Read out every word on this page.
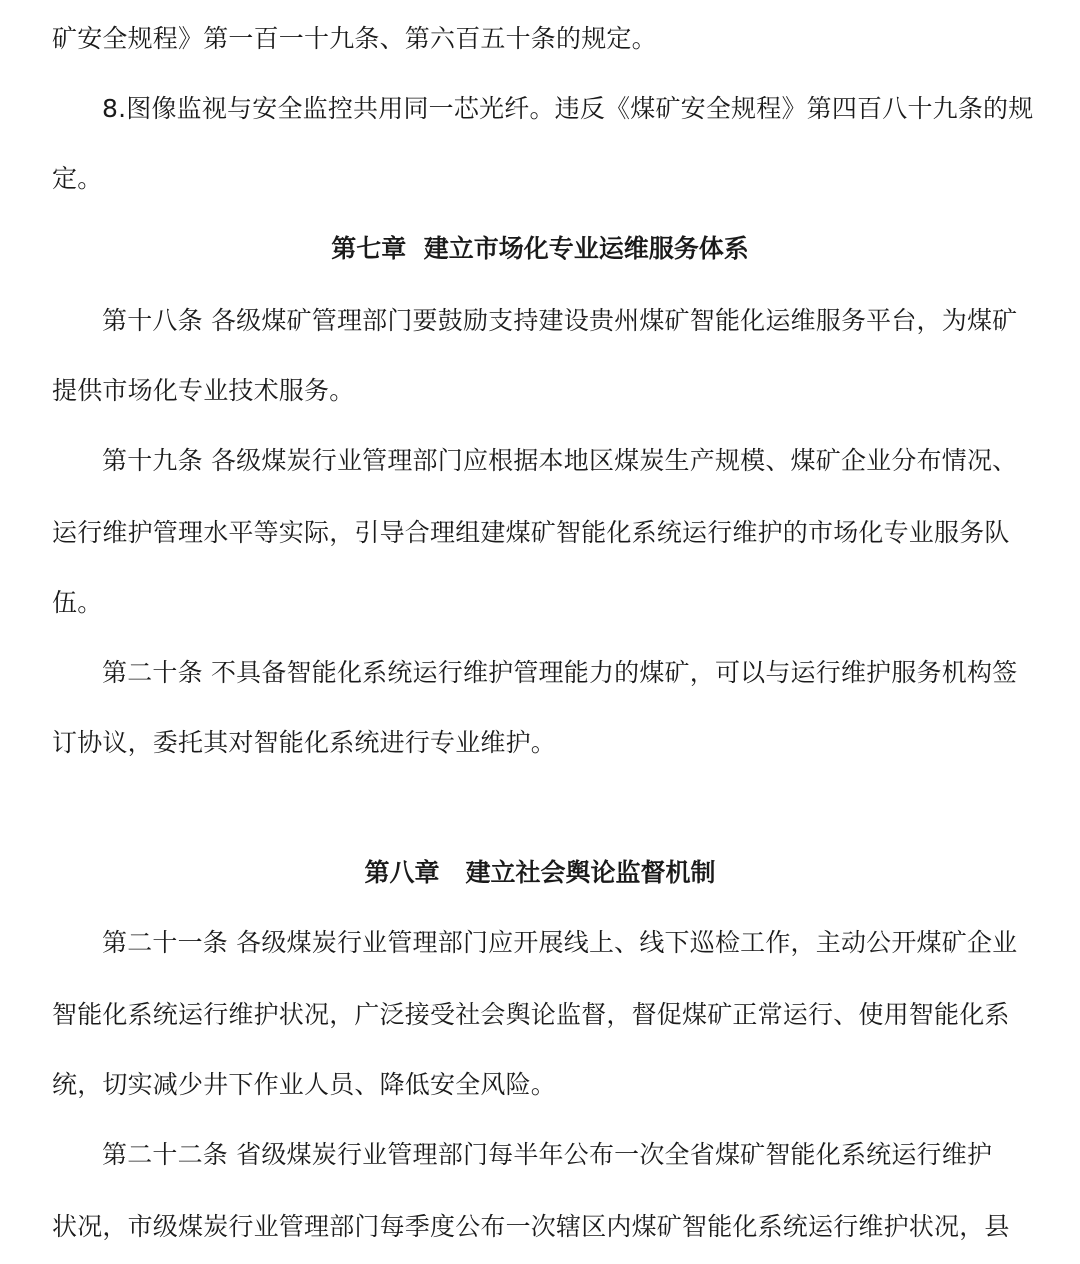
矿安全规程》第一百一十九条、第六百五十条的规定。
8.图像监视与安全监控共用同一芯光纤。违反《煤矿安全规程》第四百八十九条的规
定。
第七章  建立市场化专业运维服务体系
第十八条 各级煤矿管理部门要鼓励支持建设贵州煤矿智能化运维服务平台，为煤矿
提供市场化专业技术服务。
第十九条 各级煤炭行业管理部门应根据本地区煤炭生产规模、煤矿企业分布情况、
运行维护管理水平等实际，引导合理组建煤矿智能化系统运行维护的市场化专业服务队
伍。
第二十条 不具备智能化系统运行维护管理能力的煤矿，可以与运行维护服务机构签
订协议，委托其对智能化系统进行专业维护。
第八章   建立社会舆论监督机制
第二十一条 各级煤炭行业管理部门应开展线上、线下巡检工作，主动公开煤矿企业
智能化系统运行维护状况，广泛接受社会舆论监督，督促煤矿正常运行、使用智能化系
统，切实减少井下作业人员、降低安全风险。
第二十二条 省级煤炭行业管理部门每半年公布一次全省煤矿智能化系统运行维护
状况，市级煤炭行业管理部门每季度公布一次辖区内煤矿智能化系统运行维护状况，县
